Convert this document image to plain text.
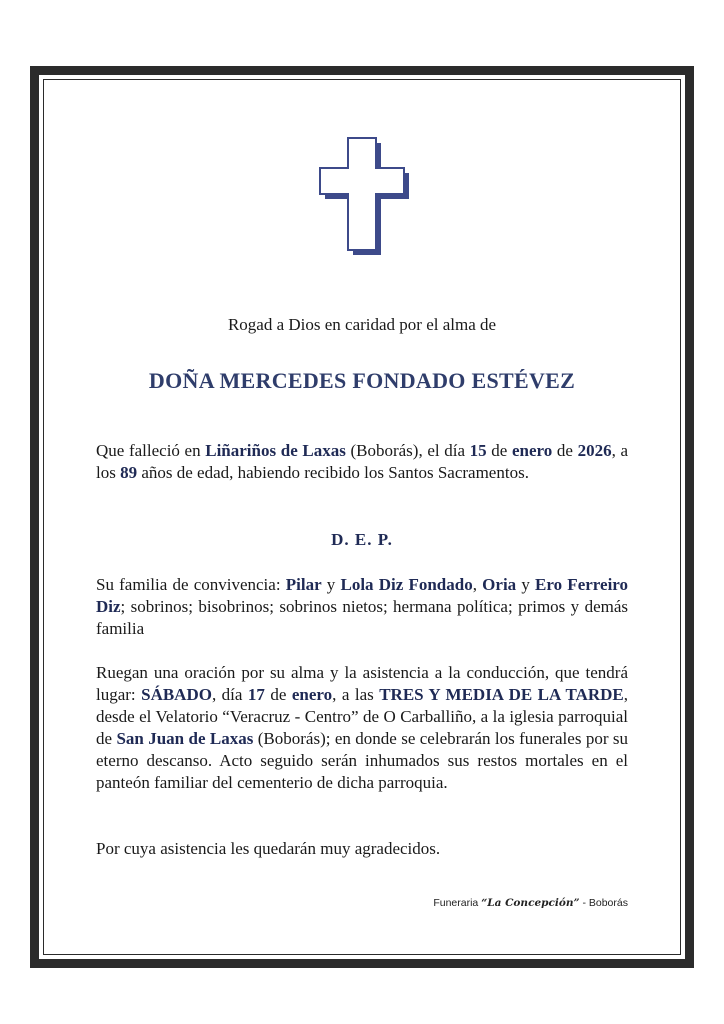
Rogad a Dios en caridad por el alma de
DOÑA MERCEDES FONDADO ESTÉVEZ
Que falleció en Liñariños de Laxas (Boborás), el día 15 de enero de 2026, a los 89 años de edad, habiendo recibido los Santos Sacramentos.
D. E. P.
Su familia de convivencia: Pilar y Lola Diz Fondado, Oria y Ero Ferreiro Diz; sobrinos; bisobrinos; sobrinos nietos; hermana política; primos y demás familia
Ruegan una oración por su alma y la asistencia a la conducción, que tendrá lugar: SÁBADO, día 17 de enero, a las TRES Y MEDIA DE LA TARDE, desde el Velatorio “Veracruz - Centro” de O Carballiño, a la iglesia parroquial de San Juan de Laxas (Boborás); en donde se celebrarán los funerales por su eterno descanso. Acto seguido serán inhumados sus restos mortales en el panteón familiar del cementerio de dicha parroquia.
Por cuya asistencia les quedarán muy agradecidos.
Funeraria “La Concepción” - Boborás
